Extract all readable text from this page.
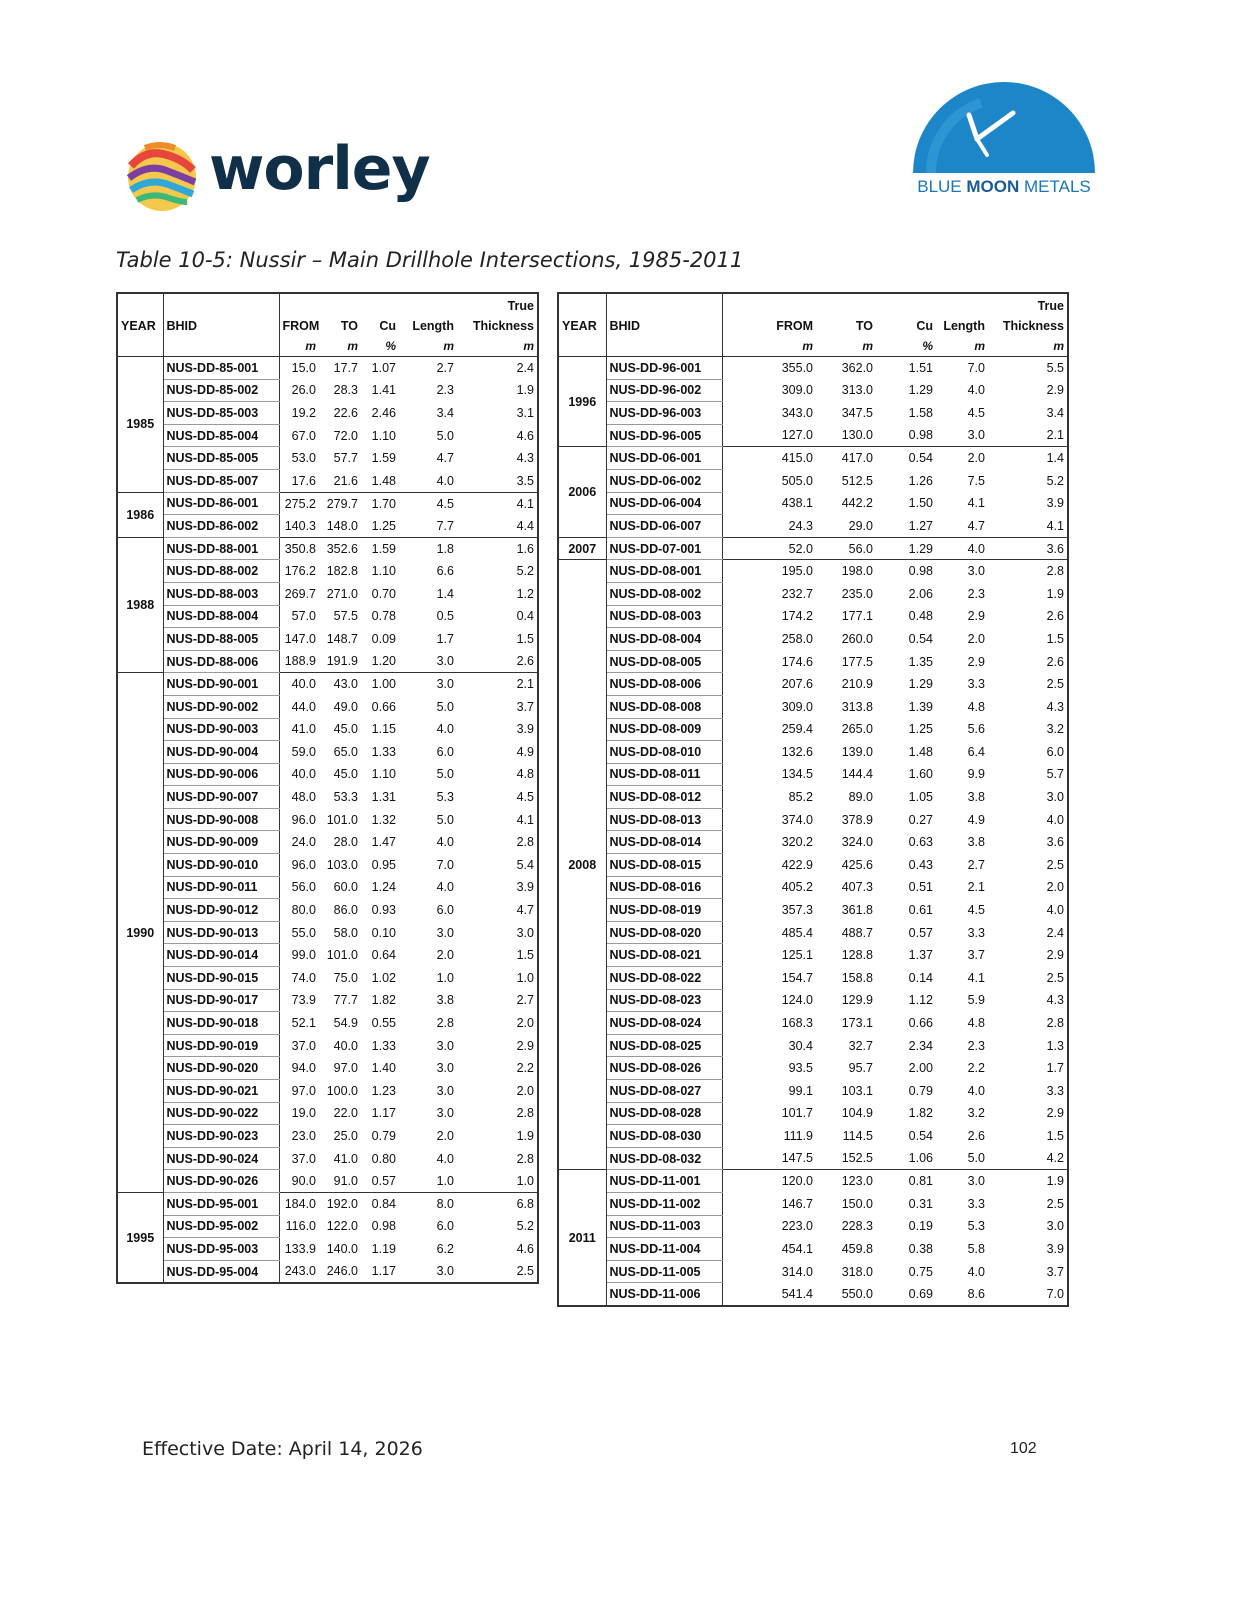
worley	BLUE MOON METALS
Table 10-5: Nussir – Main Drillhole Intersections, 1985-2011
						True
YEAR	BHID	FROM	TO	Cu	Length	Thickness
		m	m	%	m	m
1985	NUS-DD-85-001	15.0	17.7	1.07	2.7	2.4
	NUS-DD-85-002	26.0	28.3	1.41	2.3	1.9
	NUS-DD-85-003	19.2	22.6	2.46	3.4	3.1
	NUS-DD-85-004	67.0	72.0	1.10	5.0	4.6
	NUS-DD-85-005	53.0	57.7	1.59	4.7	4.3
	NUS-DD-85-007	17.6	21.6	1.48	4.0	3.5
1986	NUS-DD-86-001	275.2	279.7	1.70	4.5	4.1
	NUS-DD-86-002	140.3	148.0	1.25	7.7	4.4
1988	NUS-DD-88-001	350.8	352.6	1.59	1.8	1.6
	NUS-DD-88-002	176.2	182.8	1.10	6.6	5.2
	NUS-DD-88-003	269.7	271.0	0.70	1.4	1.2
	NUS-DD-88-004	57.0	57.5	0.78	0.5	0.4
	NUS-DD-88-005	147.0	148.7	0.09	1.7	1.5
	NUS-DD-88-006	188.9	191.9	1.20	3.0	2.6
1990	NUS-DD-90-001	40.0	43.0	1.00	3.0	2.1
	NUS-DD-90-002	44.0	49.0	0.66	5.0	3.7
	NUS-DD-90-003	41.0	45.0	1.15	4.0	3.9
	NUS-DD-90-004	59.0	65.0	1.33	6.0	4.9
	NUS-DD-90-006	40.0	45.0	1.10	5.0	4.8
	NUS-DD-90-007	48.0	53.3	1.31	5.3	4.5
	NUS-DD-90-008	96.0	101.0	1.32	5.0	4.1
	NUS-DD-90-009	24.0	28.0	1.47	4.0	2.8
	NUS-DD-90-010	96.0	103.0	0.95	7.0	5.4
	NUS-DD-90-011	56.0	60.0	1.24	4.0	3.9
	NUS-DD-90-012	80.0	86.0	0.93	6.0	4.7
	NUS-DD-90-013	55.0	58.0	0.10	3.0	3.0
	NUS-DD-90-014	99.0	101.0	0.64	2.0	1.5
	NUS-DD-90-015	74.0	75.0	1.02	1.0	1.0
	NUS-DD-90-017	73.9	77.7	1.82	3.8	2.7
	NUS-DD-90-018	52.1	54.9	0.55	2.8	2.0
	NUS-DD-90-019	37.0	40.0	1.33	3.0	2.9
	NUS-DD-90-020	94.0	97.0	1.40	3.0	2.2
	NUS-DD-90-021	97.0	100.0	1.23	3.0	2.0
	NUS-DD-90-022	19.0	22.0	1.17	3.0	2.8
	NUS-DD-90-023	23.0	25.0	0.79	2.0	1.9
	NUS-DD-90-024	37.0	41.0	0.80	4.0	2.8
	NUS-DD-90-026	90.0	91.0	0.57	1.0	1.0
1995	NUS-DD-95-001	184.0	192.0	0.84	8.0	6.8
	NUS-DD-95-002	116.0	122.0	0.98	6.0	5.2
	NUS-DD-95-003	133.9	140.0	1.19	6.2	4.6
	NUS-DD-95-004	243.0	246.0	1.17	3.0	2.5
						True
YEAR	BHID	FROM	TO	Cu	Length	Thickness
		m	m	%	m	m
1996	NUS-DD-96-001	355.0	362.0	1.51	7.0	5.5
	NUS-DD-96-002	309.0	313.0	1.29	4.0	2.9
	NUS-DD-96-003	343.0	347.5	1.58	4.5	3.4
	NUS-DD-96-005	127.0	130.0	0.98	3.0	2.1
2006	NUS-DD-06-001	415.0	417.0	0.54	2.0	1.4
	NUS-DD-06-002	505.0	512.5	1.26	7.5	5.2
	NUS-DD-06-004	438.1	442.2	1.50	4.1	3.9
	NUS-DD-06-007	24.3	29.0	1.27	4.7	4.1
2007	NUS-DD-07-001	52.0	56.0	1.29	4.0	3.6
2008	NUS-DD-08-001	195.0	198.0	0.98	3.0	2.8
	NUS-DD-08-002	232.7	235.0	2.06	2.3	1.9
	NUS-DD-08-003	174.2	177.1	0.48	2.9	2.6
	NUS-DD-08-004	258.0	260.0	0.54	2.0	1.5
	NUS-DD-08-005	174.6	177.5	1.35	2.9	2.6
	NUS-DD-08-006	207.6	210.9	1.29	3.3	2.5
	NUS-DD-08-008	309.0	313.8	1.39	4.8	4.3
	NUS-DD-08-009	259.4	265.0	1.25	5.6	3.2
	NUS-DD-08-010	132.6	139.0	1.48	6.4	6.0
	NUS-DD-08-011	134.5	144.4	1.60	9.9	5.7
	NUS-DD-08-012	85.2	89.0	1.05	3.8	3.0
	NUS-DD-08-013	374.0	378.9	0.27	4.9	4.0
	NUS-DD-08-014	320.2	324.0	0.63	3.8	3.6
	NUS-DD-08-015	422.9	425.6	0.43	2.7	2.5
	NUS-DD-08-016	405.2	407.3	0.51	2.1	2.0
	NUS-DD-08-019	357.3	361.8	0.61	4.5	4.0
	NUS-DD-08-020	485.4	488.7	0.57	3.3	2.4
	NUS-DD-08-021	125.1	128.8	1.37	3.7	2.9
	NUS-DD-08-022	154.7	158.8	0.14	4.1	2.5
	NUS-DD-08-023	124.0	129.9	1.12	5.9	4.3
	NUS-DD-08-024	168.3	173.1	0.66	4.8	2.8
	NUS-DD-08-025	30.4	32.7	2.34	2.3	1.3
	NUS-DD-08-026	93.5	95.7	2.00	2.2	1.7
	NUS-DD-08-027	99.1	103.1	0.79	4.0	3.3
	NUS-DD-08-028	101.7	104.9	1.82	3.2	2.9
	NUS-DD-08-030	111.9	114.5	0.54	2.6	1.5
	NUS-DD-08-032	147.5	152.5	1.06	5.0	4.2
2011	NUS-DD-11-001	120.0	123.0	0.81	3.0	1.9
	NUS-DD-11-002	146.7	150.0	0.31	3.3	2.5
	NUS-DD-11-003	223.0	228.3	0.19	5.3	3.0
	NUS-DD-11-004	454.1	459.8	0.38	5.8	3.9
	NUS-DD-11-005	314.0	318.0	0.75	4.0	3.7
	NUS-DD-11-006	541.4	550.0	0.69	8.6	7.0
Effective Date: April 14, 2026	102
